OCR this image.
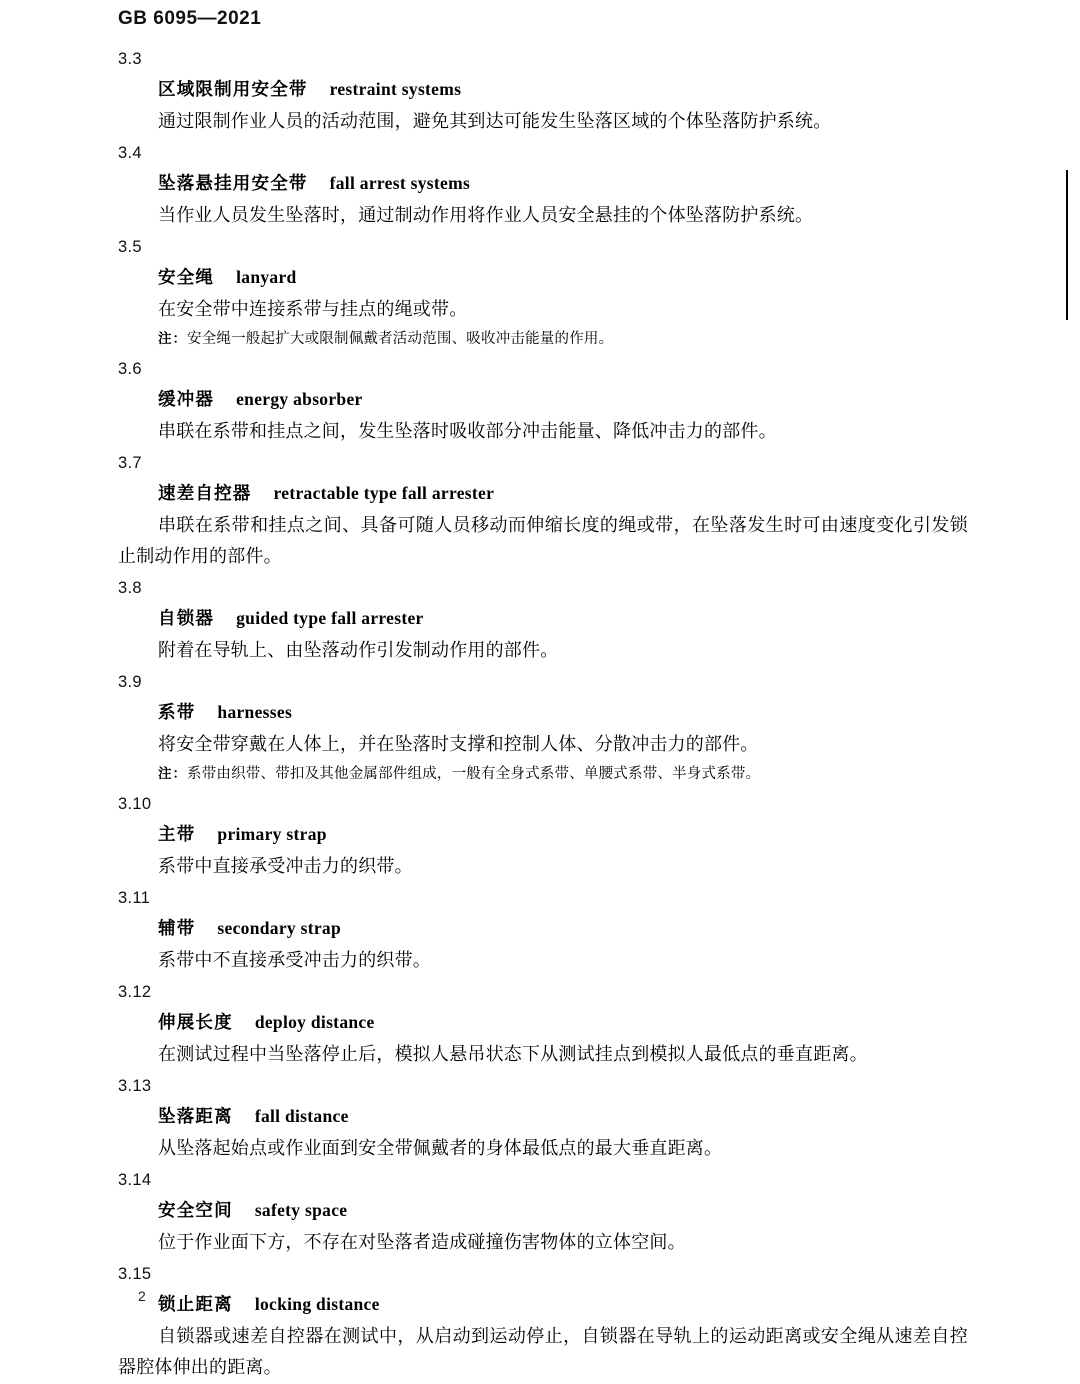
GB 6095—2021
3.3
区域限制用安全带 restraint systems
通过限制作业人员的活动范围，避免其到达可能发生坠落区域的个体坠落防护系统。
3.4
坠落悬挂用安全带 fall arrest systems
当作业人员发生坠落时，通过制动作用将作业人员安全悬挂的个体坠落防护系统。
3.5
安全绳 lanyard
在安全带中连接系带与挂点的绳或带。
注：安全绳一般起扩大或限制佩戴者活动范围、吸收冲击能量的作用。
3.6
缓冲器 energy absorber
串联在系带和挂点之间，发生坠落时吸收部分冲击能量、降低冲击力的部件。
3.7
速差自控器 retractable type fall arrester
串联在系带和挂点之间、具备可随人员移动而伸缩长度的绳或带，在坠落发生时可由速度变化引发锁止制动作用的部件。
3.8
自锁器 guided type fall arrester
附着在导轨上、由坠落动作引发制动作用的部件。
3.9
系带 harnesses
将安全带穿戴在人体上，并在坠落时支撑和控制人体、分散冲击力的部件。
注：系带由织带、带扣及其他金属部件组成，一般有全身式系带、单腰式系带、半身式系带。
3.10
主带 primary strap
系带中直接承受冲击力的织带。
3.11
辅带 secondary strap
系带中不直接承受冲击力的织带。
3.12
伸展长度 deploy distance
在测试过程中当坠落停止后，模拟人悬吊状态下从测试挂点到模拟人最低点的垂直距离。
3.13
坠落距离 fall distance
从坠落起始点或作业面到安全带佩戴者的身体最低点的最大垂直距离。
3.14
安全空间 safety space
位于作业面下方，不存在对坠落者造成碰撞伤害物体的立体空间。
3.15
锁止距离 locking distance
自锁器或速差自控器在测试中，从启动到运动停止，自锁器在导轨上的运动距离或安全绳从速差自控器腔体伸出的距离。
2
